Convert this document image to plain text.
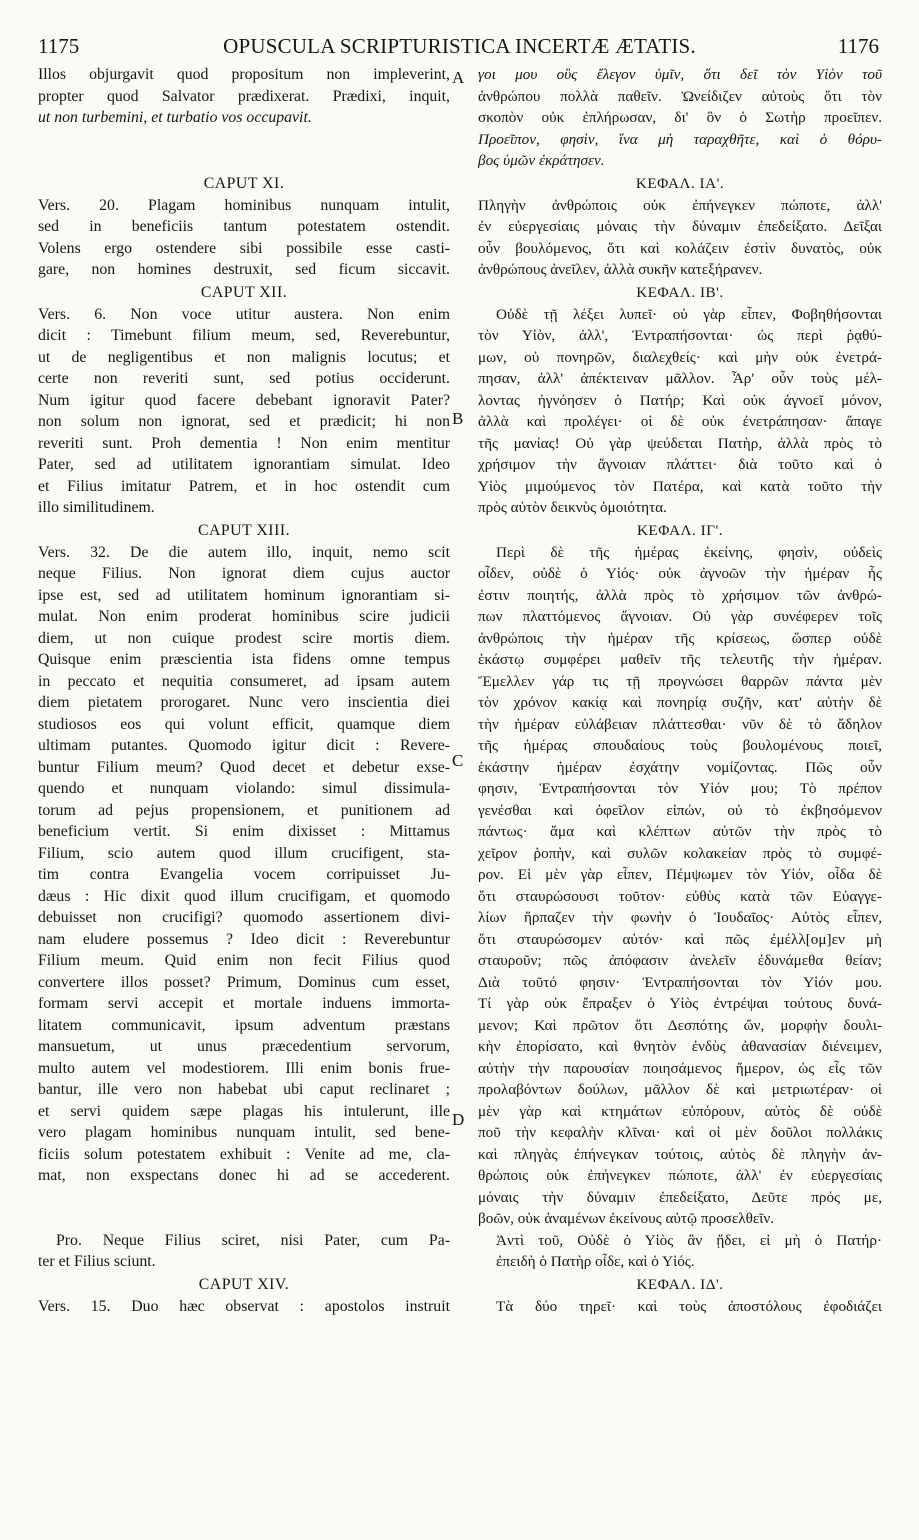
1175	OPUSCULA SCRIPTURISTICA INCERTÆ ÆTATIS.	1176
Illos objurgavit quod propositum non impleverint,
propter quod Salvator prædixerat. Prædixi, inquit,
ut non turbemini, et turbatio vos occupavit.
CAPUT XI.
Vers. 20. Plagam hominibus nunquam intulit,
sed in beneficiis tantum potestatem ostendit.
Volens ergo ostendere sibi possibile esse casti-
gare, non homines destruxit, sed ficum siccavit.
CAPUT XII.
Vers. 6. Non voce utitur austera. Non enim
dicit : Timebunt filium meum, sed, Reverebuntur,
ut de negligentibus et non malignis locutus; et
certe non reveriti sunt, sed potius occiderunt.
Num igitur quod facere debebant ignoravit Pater?
non solum non ignorat, sed et prædicit; hi non
reveriti sunt. Proh dementia ! Non enim mentitur
Pater, sed ad utilitatem ignorantiam simulat. Ideo
et Filius imitatur Patrem, et in hoc ostendit cum
illo similitudinem.
CAPUT XIII.
Vers. 32. De die autem illo, inquit, nemo scit
neque Filius. Non ignorat diem cujus auctor
ipse est, sed ad utilitatem hominum ignorantiam si-
mulat. Non enim proderat hominibus scire judicii
diem, ut non cuique prodest scire mortis diem.
Quisque enim præscientia ista fidens omne tempus
in peccato et nequitia consumeret, ad ipsam autem
diem pietatem prorogaret. Nunc vero inscientia diei
studiosos eos qui volunt efficit, quamque diem
ultimam putantes. Quomodo igitur dicit : Revere-
buntur Filium meum? Quod decet et debetur exse-
quendo et nunquam violando: simul dissimula-
torum ad pejus propensionem, et punitionem ad
beneficium vertit. Si enim dixisset : Mittamus
Filium, scio autem quod illum crucifigent, sta-
tim contra Evangelia vocem corripuisset Ju-
dæus : Hic dixit quod illum crucifigam, et quomodo
debuisset non crucifigi? quomodo assertionem divi-
nam eludere possemus ? Ideo dicit : Reverebuntur
Filium meum. Quid enim non fecit Filius quod
convertere illos posset? Primum, Dominus cum esset,
formam servi accepit et mortale induens immorta-
litatem communicavit, ipsum adventum præstans
mansuetum, ut unus præcedentium servorum,
multo autem vel modestiorem. Illi enim bonis frue-
bantur, ille vero non habebat ubi caput reclinaret ;
et servi quidem sæpe plagas his intulerunt, ille
vero plagam hominibus nunquam intulit, sed bene-
ficiis solum potestatem exhibuit : Venite ad me, cla-
mat, non exspectans donec hi ad se accederent.
Pro. Neque Filius sciret, nisi Pater, cum Pa-
ter et Filius sciunt.
CAPUT XIV.
Vers. 15. Duo hæc observat : apostolos instruit
γοι μου οὓς ἔλεγον ὑμῖν, ὅτι δεῖ τὸν Υἱὸν τοῦ
ἀνθρώπου πολλὰ παθεῖν. Ὠνείδιζεν αὐτοὺς ὅτι τὸν
σκοπὸν οὐκ ἐπλήρωσαν, δι' ὃν ὁ Σωτὴρ προεῖπεν.
Προεῖπον, φησὶν, ἵνα μὴ ταραχθῆτε, καὶ ὁ θόρυ-
βος ὑμῶν ἐκράτησεν.
ΚΕΦΑΛ. ΙΑ'.
Πληγὴν ἀνθρώποις οὐκ ἐπήνεγκεν πώποτε, ἀλλ'
ἐν εὐεργεσίαις μόναις τὴν δύναμιν ἐπεδείξατο. Δεῖξαι
οὖν βουλόμενος, ὅτι καὶ κολάζειν ἐστὶν δυνατὸς, οὐκ
ἀνθρώπους ἀνεῖλεν, ἀλλὰ συκῆν κατεξήρανεν.
ΚΕΦΑΛ. ΙΒ'.
Οὐδὲ τῇ λέξει λυπεῖ· οὐ γὰρ εἶπεν, Φοβηθήσονται
τὸν Υἱὸν, ἀλλ', Ἐντραπήσονται· ὡς περὶ ῥᾳθύ-
μων, οὐ πονηρῶν, διαλεχθείς· καὶ μὴν οὐκ ἐνετρά-
πησαν, ἀλλ' ἀπέκτειναν μᾶλλον. Ἆρ' οὖν τοὺς μέλ-
λοντας ἠγνόησεν ὁ Πατήρ; Καὶ οὐκ ἀγνοεῖ μόνον,
ἀλλὰ καὶ προλέγει· οἱ δὲ οὐκ ἐνετράπησαν· ἄπαγε
τῆς μανίας! Οὐ γὰρ ψεύδεται Πατὴρ, ἀλλὰ πρὸς τὸ
χρήσιμον τὴν ἄγνοιαν πλάττει· διὰ τοῦτο καὶ ὁ
Υἱὸς μιμούμενος τὸν Πατέρα, καὶ κατὰ τοῦτο τὴν
πρὸς αὐτὸν δεικνὺς ὁμοιότητα.
ΚΕΦΑΛ. ΙΓ'.
Περὶ δὲ τῆς ἡμέρας ἐκείνης, φησὶν, οὐδεὶς
οἶδεν, οὐδὲ ὁ Υἱός· οὐκ ἀγνοῶν τὴν ἡμέραν ἧς
ἐστιν ποιητής, ἀλλὰ πρὸς τὸ χρήσιμον τῶν ἀνθρώ-
πων πλαττόμενος ἄγνοιαν. Οὐ γὰρ συνέφερεν τοῖς
ἀνθρώποις τὴν ἡμέραν τῆς κρίσεως, ὥσπερ οὐδὲ
ἑκάστῳ συμφέρει μαθεῖν τῆς τελευτῆς τὴν ἡμέραν.
Ἔμελλεν γάρ τις τῇ προγνώσει θαρρῶν πάντα μὲν
τὸν χρόνον κακίᾳ καὶ πονηρίᾳ συζῆν, κατ' αὐτὴν δὲ
τὴν ἡμέραν εὐλάβειαν πλάττεσθαι· νῦν δὲ τὸ ἄδηλον
τῆς ἡμέρας σπουδαίους τοὺς βουλομένους ποιεῖ,
ἑκάστην ἡμέραν ἐσχάτην νομίζοντας. Πῶς οὖν
φησιν, Ἐντραπήσονται τὸν Υἱόν μου; Τὸ πρέπον
γενέσθαι καὶ ὀφεῖλον εἰπών, οὐ τὸ ἐκβησόμενον
πάντως· ἅμα καὶ κλέπτων αὐτῶν τὴν πρὸς τὸ
χεῖρον ῥοπὴν, καὶ συλῶν κολακείαν πρὸς τὸ συμφέ-
ρον. Εἰ μὲν γὰρ εἶπεν, Πέμψωμεν τὸν Υἱόν, οἶδα δὲ
ὅτι σταυρώσουσι τοῦτον· εὐθὺς κατὰ τῶν Εὐαγγε-
λίων ἥρπαζεν τὴν φωνὴν ὁ Ἰουδαῖος· Αὐτὸς εἶπεν,
ὅτι σταυρώσομεν αὐτόν· καὶ πῶς ἐμέλλ[ομ]εν μὴ
σταυροῦν; πῶς ἀπόφασιν ἀνελεῖν ἐδυνάμεθα θείαν;
Διὰ τοῦτό φησιν· Ἐντραπήσονται τὸν Υἱόν μου.
Τί γὰρ οὐκ ἔπραξεν ὁ Υἱὸς ἐντρέψαι τούτους δυνά-
μενον; Καὶ πρῶτον ὅτι Δεσπότης ὤν, μορφὴν δουλι-
κὴν ἐπορίσατο, καὶ θνητὸν ἐνδὺς ἀθανασίαν διένειμεν,
αὐτὴν τὴν παρουσίαν ποιησάμενος ἥμερον, ὡς εἷς τῶν
προλαβόντων δούλων, μᾶλλον δὲ καὶ μετριωτέραν· οἱ
μὲν γὰρ καὶ κτημάτων εὐπόρουν, αὐτὸς δὲ οὐδὲ
ποῦ τὴν κεφαλὴν κλῖναι· καὶ οἱ μὲν δοῦλοι πολλάκις
καὶ πληγὰς ἐπήνεγκαν τούτοις, αὐτὸς δὲ πληγὴν ἀν-
θρώποις οὐκ ἐπήνεγκεν πώποτε, ἀλλ' ἐν εὐεργεσίαις
μόναις τὴν δύναμιν ἐπεδείξατο, Δεῦτε πρός με,
βοῶν, οὐκ ἀναμένων ἐκείνους αὐτῷ προσελθεῖν.
Ἀντὶ τοῦ, Οὐδὲ ὁ Υἱὸς ἂν ᾔδει, εἰ μὴ ὁ Πατήρ·
ἐπειδὴ ὁ Πατὴρ οἶδε, καὶ ὁ Υἱός.
ΚΕΦΑΛ. ΙΔ'.
Τὰ δύο τηρεῖ· καὶ τοὺς ἀποστόλους ἐφοδιάζει
A
B
C
D
